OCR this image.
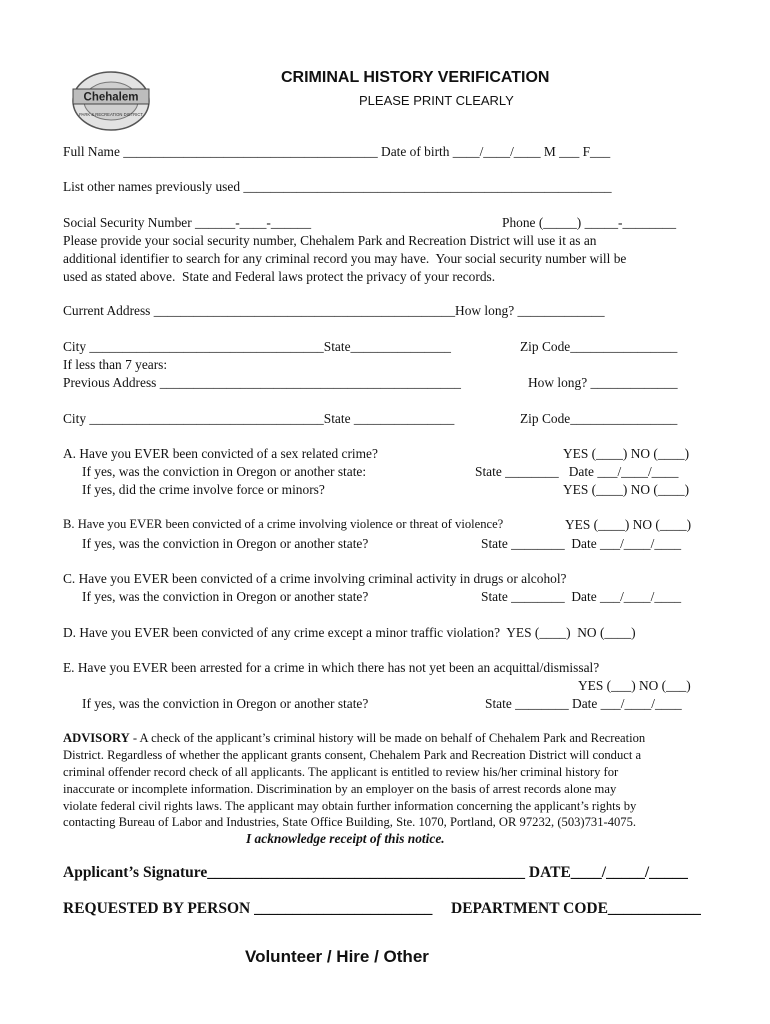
Chehalem
PARK & RECREATION DISTRICT
CRIMINAL HISTORY VERIFICATION
PLEASE PRINT CLEARLY
Full Name ______________________________________ Date of birth ____/____/____ M ___ F___
List other names previously used _______________________________________________________
Social Security Number ______-____-______	Phone (_____) _____-________
Please provide your social security number, Chehalem Park and Recreation District will use it as an
additional identifier to search for any criminal record you may have.  Your social security number will be
used as stated above.  State and Federal laws protect the privacy of your records.
Current Address _____________________________________________How long? _____________
City ___________________________________State_______________	Zip Code________________
If less than 7 years:
Previous Address _____________________________________________	How long? _____________
City ___________________________________State _______________	Zip Code________________
A. Have you EVER been convicted of a sex related crime?	YES (____) NO (____)
If yes, was the conviction in Oregon or another state:	State ________   Date ___/____/____
If yes, did the crime involve force or minors?	YES (____) NO (____)
B. Have you EVER been convicted of a crime involving violence or threat of violence?	YES (____) NO (____)
If yes, was the conviction in Oregon or another state?	State ________  Date ___/____/____
C. Have you EVER been convicted of a crime involving criminal activity in drugs or alcohol?
If yes, was the conviction in Oregon or another state?	State ________  Date ___/____/____
D. Have you EVER been convicted of any crime except a minor traffic violation?  YES (____)  NO (____)
E. Have you EVER been arrested for a crime in which there has not yet been an acquittal/dismissal?
YES (___) NO (___)
If yes, was the conviction in Oregon or another state?	State ________ Date ___/____/____
ADVISORY - A check of the applicant’s criminal history will be made on behalf of Chehalem Park and Recreation
District. Regardless of whether the applicant grants consent, Chehalem Park and Recreation District will conduct a
criminal offender record check of all applicants. The applicant is entitled to review his/her criminal history for
inaccurate or incomplete information. Discrimination by an employer on the basis of arrest records alone may
violate federal civil rights laws. The applicant may obtain further information concerning the applicant’s rights by
contacting Bureau of Labor and Industries, State Office Building, Ste. 1070, Portland, OR 97232, (503)731-4075.
I acknowledge receipt of this notice.
Applicant’s Signature_________________________________________ DATE____/_____/_____
REQUESTED BY PERSON _______________________ DEPARTMENT CODE____________
Volunteer / Hire / Other
